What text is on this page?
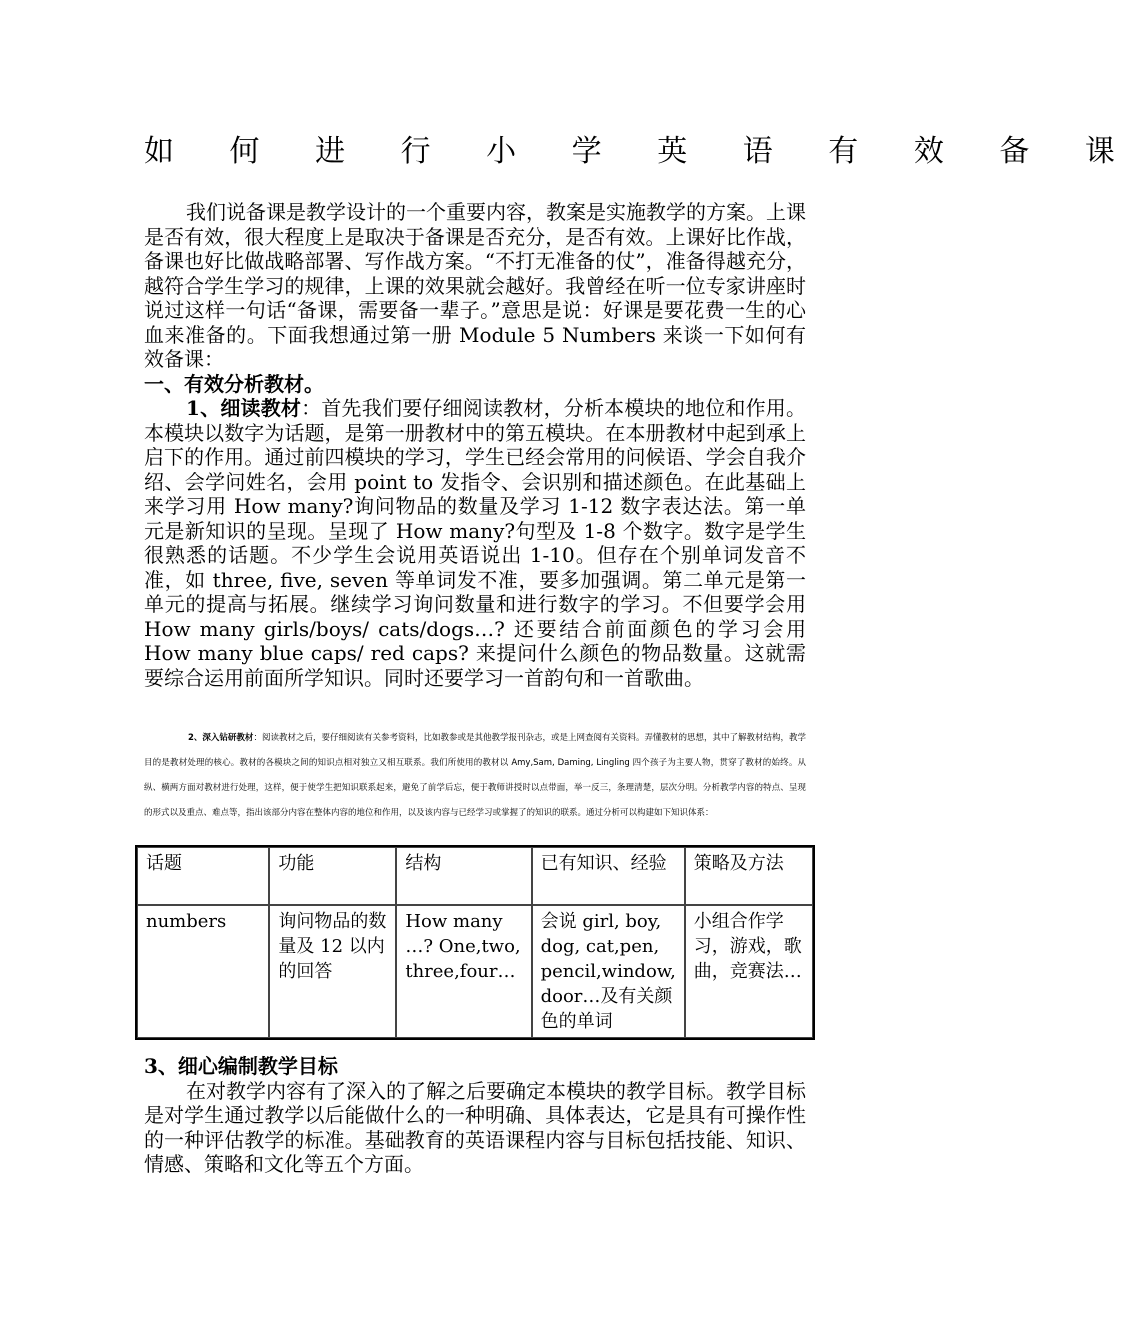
如 何 进 行 小 学 英 语 有 效 备 课

我们说备课是教学设计的一个重要内容，教案是实施教学的方案。上课是否有效，很大程度上是取决于备课是否充分，是否有效。上课好比作战，备课也好比做战略部署、写作战方案。“不打无准备的仗”，准备得越充分，越符合学生学习的规律，上课的效果就会越好。我曾经在听一位专家讲座时说过这样一句话“备课，需要备一辈子。”意思是说：好课是要花费一生的心血来准备的。下面我想通过第一册 Module 5 Numbers 来谈一下如何有效备课：

一、有效分析教材。

1、细读教材：首先我们要仔细阅读教材，分析本模块的地位和作用。本模块以数字为话题，是第一册教材中的第五模块。在本册教材中起到承上启下的作用。通过前四模块的学习，学生已经会常用的问候语、学会自我介绍、会学问姓名，会用 point to 发指令、会识别和描述颜色。在此基础上来学习用 How many?询问物品的数量及学习 1-12 数字表达法。第一单元是新知识的呈现。呈现了 How many?句型及 1-8 个数字。数字是学生很熟悉的话题。不少学生会说用英语说出 1-10。但存在个别单词发音不准，如 three, five, seven 等单词发不准，要多加强调。第二单元是第一单元的提高与拓展。继续学习询问数量和进行数字的学习。不但要学会用 How many girls/boys/ cats/dogs…? 还要结合前面颜色的学习会用 How many blue caps/ red caps? 来提问什么颜色的物品数量。这就需要综合运用前面所学知识。同时还要学习一首韵句和一首歌曲。

2、深入钻研教材：阅读教材之后，要仔细阅读有关参考资料，比如教参或是其他教学报刊杂志，或是上网查阅有关资料。弄懂教材的思想，其中了解教材结构，教学目的是教材处理的核心。教材的各模块之间的知识点相对独立又相互联系。我们所使用的教材以 Amy,Sam, Daming, Lingling 四个孩子为主要人物，贯穿了教材的始终。从纵、横两方面对教材进行处理，这样，便于使学生把知识联系起来，避免了前学后忘，便于教师讲授时以点带面，举一反三，条理清楚，层次分明。分析教学内容的特点、呈现的形式以及重点、难点等，指出该部分内容在整体内容的地位和作用，以及该内容与已经学习或掌握了的知识的联系。通过分析可以构建如下知识体系：
话题	功能	结构	已有知识、经验	策略及方法
numbers	询问物品的数量及 12 以内的回答	How many …? One,two, three,four…	会说 girl, boy, dog, cat,pen, pencil,window, door…及有关颜色的单词	小组合作学习，游戏，歌曲，竞赛法…

3、细心编制教学目标

在对教学内容有了深入的了解之后要确定本模块的教学目标。教学目标是对学生通过教学以后能做什么的一种明确、具体表达，它是具有可操作性的一种评估教学的标准。基础教育的英语课程内容与目标包括技能、知识、情感、策略和文化等五个方面。
